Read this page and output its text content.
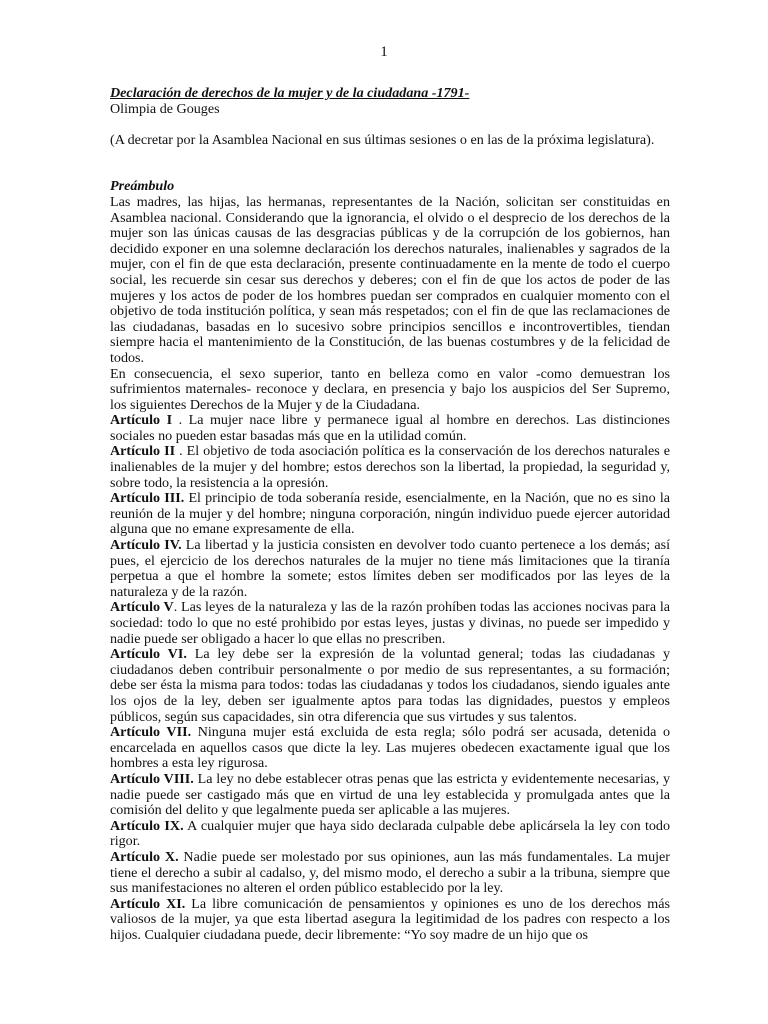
1
Declaración de derechos de la mujer y de la ciudadana -1791-
Olimpia de Gouges
(A decretar por la Asamblea Nacional en sus últimas sesiones o en las de la próxima legislatura).
Preámbulo

Las madres, las hijas, las hermanas, representantes de la Nación, solicitan ser constituidas en Asamblea nacional. Considerando que la ignorancia, el olvido o el desprecio de los derechos de la mujer son las únicas causas de las desgracias públicas y de la corrupción de los gobiernos, han decidido exponer en una solemne declaración los derechos naturales, inalienables y sagrados de la mujer, con el fin de que esta declaración, presente continuadamente en la mente de todo el cuerpo social, les recuerde sin cesar sus derechos y deberes; con el fin de que los actos de poder de las mujeres y los actos de poder de los hombres puedan ser comprados en cualquier momento con el objetivo de toda institución política, y sean más respetados; con el fin de que las reclamaciones de las ciudadanas, basadas en lo sucesivo sobre principios sencillos e incontrovertibles, tiendan siempre hacia el mantenimiento de la Constitución, de las buenas costumbres y de la felicidad de todos.

En consecuencia, el sexo superior, tanto en belleza como en valor -como demuestran los sufrimientos maternales- reconoce y declara, en presencia y bajo los auspicios del Ser Supremo, los siguientes Derechos de la Mujer y de la Ciudadana.

Artículo I . La mujer nace libre y permanece igual al hombre en derechos. Las distinciones sociales no pueden estar basadas más que en la utilidad común.

Artículo II . El objetivo de toda asociación política es la conservación de los derechos naturales e inalienables de la mujer y del hombre; estos derechos son la libertad, la propiedad, la seguridad y, sobre todo, la resistencia a la opresión.

Artículo III. El principio de toda soberanía reside, esencialmente, en la Nación, que no es sino la reunión de la mujer y del hombre; ninguna corporación, ningún individuo puede ejercer autoridad alguna que no emane expresamente de ella.

Artículo IV. La libertad y la justicia consisten en devolver todo cuanto pertenece a los demás; así pues, el ejercicio de los derechos naturales de la mujer no tiene más limitaciones que la tiranía perpetua a que el hombre la somete; estos límites deben ser modificados por las leyes de la naturaleza y de la razón.

Artículo V. Las leyes de la naturaleza y las de la razón prohíben todas las acciones nocivas para la sociedad: todo lo que no esté prohibido por estas leyes, justas y divinas, no puede ser impedido y nadie puede ser obligado a hacer lo que ellas no prescriben.

Artículo VI. La ley debe ser la expresión de la voluntad general; todas las ciudadanas y ciudadanos deben contribuir personalmente o por medio de sus representantes, a su formación; debe ser ésta la misma para todos: todas las ciudadanas y todos los ciudadanos, siendo iguales ante los ojos de la ley, deben ser igualmente aptos para todas las dignidades, puestos y empleos públicos, según sus capacidades, sin otra diferencia que sus virtudes y sus talentos.

Artículo VII. Ninguna mujer está excluida de esta regla; sólo podrá ser acusada, detenida o encarcelada en aquellos casos que dicte la ley. Las mujeres obedecen exactamente igual que los hombres a esta ley rigurosa.

Artículo VIII. La ley no debe establecer otras penas que las estricta y evidentemente necesarias, y nadie puede ser castigado más que en virtud de una ley establecida y promulgada antes que la comisión del delito y que legalmente pueda ser aplicable a las mujeres.

Artículo IX. A cualquier mujer que haya sido declarada culpable debe aplicársela la ley con todo rigor.

Artículo X. Nadie puede ser molestado por sus opiniones, aun las más fundamentales. La mujer tiene el derecho a subir al cadalso, y, del mismo modo, el derecho a subir a la tribuna, siempre que sus manifestaciones no alteren el orden público establecido por la ley.

Artículo XI. La libre comunicación de pensamientos y opiniones es uno de los derechos más valiosos de la mujer, ya que esta libertad asegura la legitimidad de los padres con respecto a los hijos. Cualquier ciudadana puede, decir libremente: “Yo soy madre de un hijo que os
